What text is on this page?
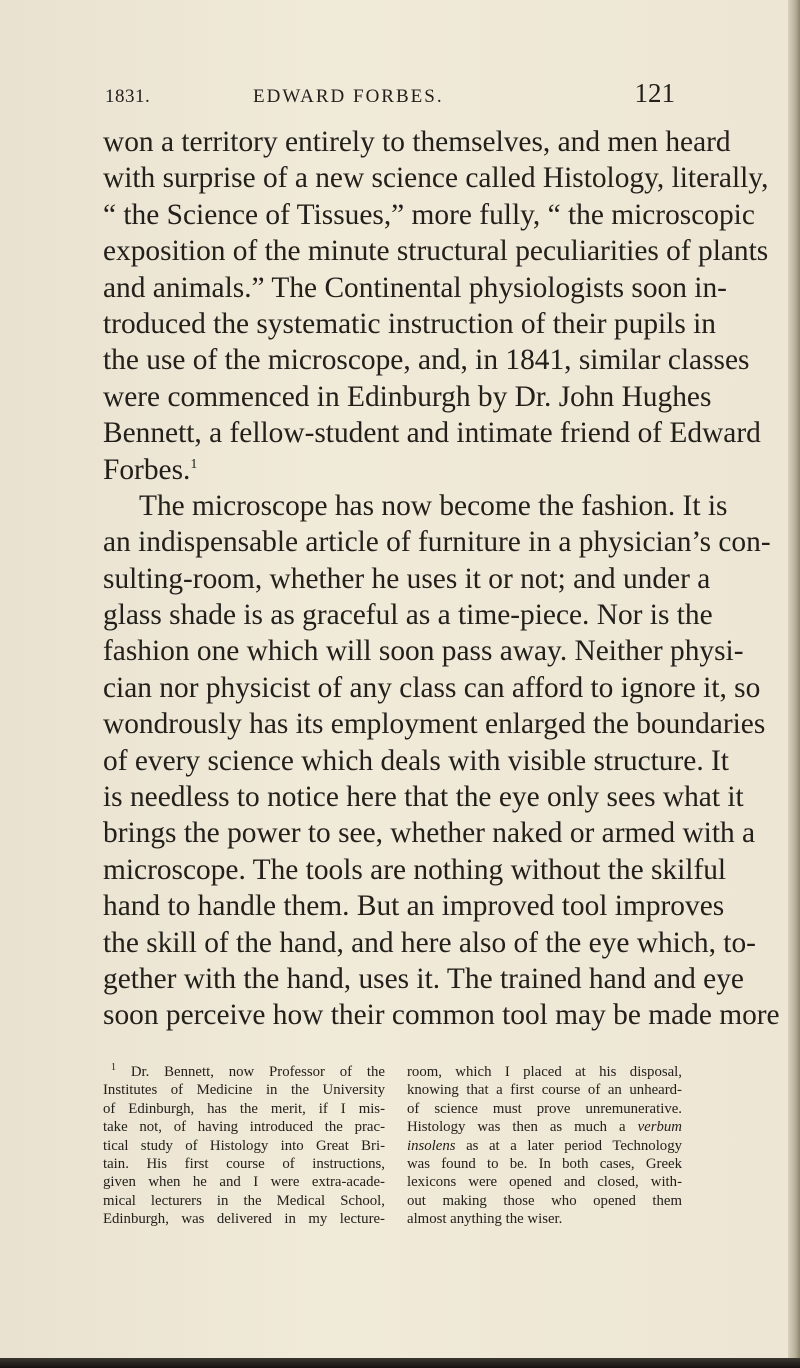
1831.	EDWARD FORBES.	121
won a territory entirely to themselves, and men heard
with surprise of a new science called Histology, literally,
“ the Science of Tissues,” more fully, “ the microscopic
exposition of the minute structural peculiarities of plants
and animals.” The Continental physiologists soon in-
troduced the systematic instruction of their pupils in
the use of the microscope, and, in 1841, similar classes
were commenced in Edinburgh by Dr. John Hughes
Bennett, a fellow-student and intimate friend of Edward
Forbes.$^1$
The microscope has now become the fashion. It is
an indispensable article of furniture in a physician’s con-
sulting-room, whether he uses it or not; and under a
glass shade is as graceful as a time-piece. Nor is the
fashion one which will soon pass away. Neither physi-
cian nor physicist of any class can afford to ignore it, so
wondrously has its employment enlarged the boundaries
of every science which deals with visible structure. It
is needless to notice here that the eye only sees what it
brings the power to see, whether naked or armed with a
microscope. The tools are nothing without the skilful
hand to handle them. But an improved tool improves
the skill of the hand, and here also of the eye which, to-
gether with the hand, uses it. The trained hand and eye
soon perceive how their common tool may be made more
$^1$ Dr. Bennett, now Professor of the
Institutes of Medicine in the University
of Edinburgh, has the merit, if I mis-
take not, of having introduced the prac-
tical study of Histology into Great Bri-
tain. His first course of instructions,
given when he and I were extra-acade-
mical lecturers in the Medical School,
Edinburgh, was delivered in my lecture-
room, which I placed at his disposal,
knowing that a first course of an unheard-
of science must prove unremunerative.
Histology was then as much a verbum
insolens as at a later period Technology
was found to be. In both cases, Greek
lexicons were opened and closed, with-
out making those who opened them
almost anything the wiser.
